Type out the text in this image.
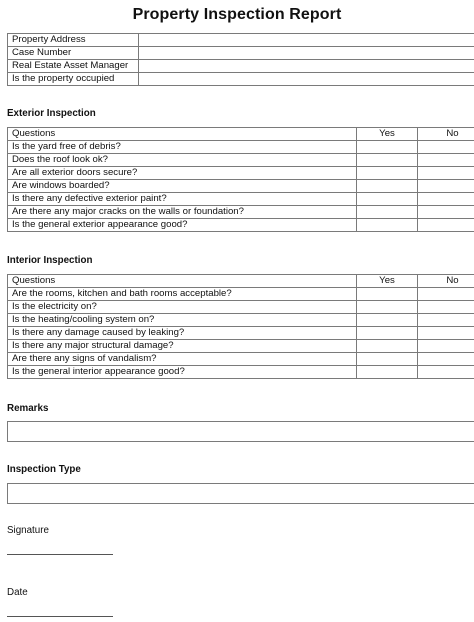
Property Inspection Report
Property Address	
Case Number	
Real Estate Asset Manager	
Is the property occupied	
Exterior Inspection
Questions	Yes	No
Is the yard free of debris?		
Does the roof look ok?		
Are all exterior doors secure?		
Are windows boarded?		
Is there any defective exterior paint?		
Are there any major cracks on the walls or foundation?		
Is the general exterior appearance good?		
Interior Inspection
Questions	Yes	No
Are the rooms, kitchen and bath rooms acceptable?		
Is the electricity on?		
Is the heating/cooling system on?		
Is there any damage caused by leaking?		
Is there any major structural damage?		
Are there any signs of vandalism?		
Is the general interior appearance good?		
Remarks
Inspection Type
Signature
Date
